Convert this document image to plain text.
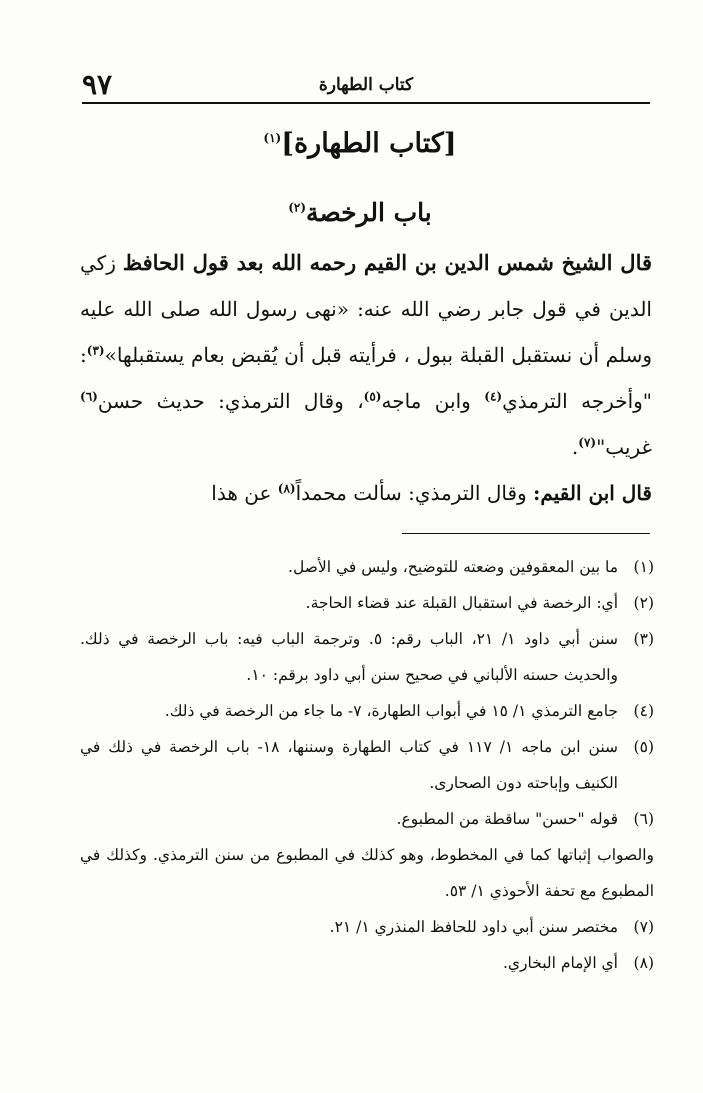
كتاب الطهارة
٩٧
[كتاب الطهارة]$^{(١)}$
باب الرخصة$^{(٢)}$

قال الشيخ شمس الدين بن القيم رحمه الله بعد قول الحافظ زكي الدين في قول جابر رضي الله عنه: «نهى رسول الله صلى الله عليه وسلم أن نستقبل القبلة ببول ، فرأيته قبل أن يُقبض بعام يستقبلها»$^{(٣)}$: "وأخرجه الترمذي$^{(٤)}$ وابن ماجه$^{(٥)}$، وقال الترمذي: حديث حسن$^{(٦)}$ غريب"$^{(٧)}$.

قال ابن القيم: وقال الترمذي: سألت محمداً$^{(٨)}$ عن هذا

(١)
ما بين المعقوفين وضعته للتوضيح، وليس في الأصل.
(٢)
أي: الرخصة في استقبال القبلة عند قضاء الحاجة.
(٣)
سنن أبي داود ١/ ٢١، الباب رقم: ٥. وترجمة الباب فيه: باب الرخصة في ذلك. والحديث حسنه الألباني في صحيح سنن أبي داود برقم: ١٠.
(٤)
جامع الترمذي ١/ ١٥ في أبواب الطهارة، ٧- ما جاء من الرخصة في ذلك.
(٥)
سنن ابن ماجه ١/ ١١٧ في كتاب الطهارة وسننها، ١٨- باب الرخصة في ذلك في الكنيف وإباحته دون الصحارى.
(٦)
قوله "حسن" ساقطة من المطبوع.
والصواب إثباتها كما في المخطوط، وهو كذلك في المطبوع من سنن الترمذي. وكذلك في المطبوع مع تحفة الأحوذي ١/ ٥٣.
(٧)
مختصر سنن أبي داود للحافظ المنذري ١/ ٢١.
(٨)
أي الإمام البخاري.
